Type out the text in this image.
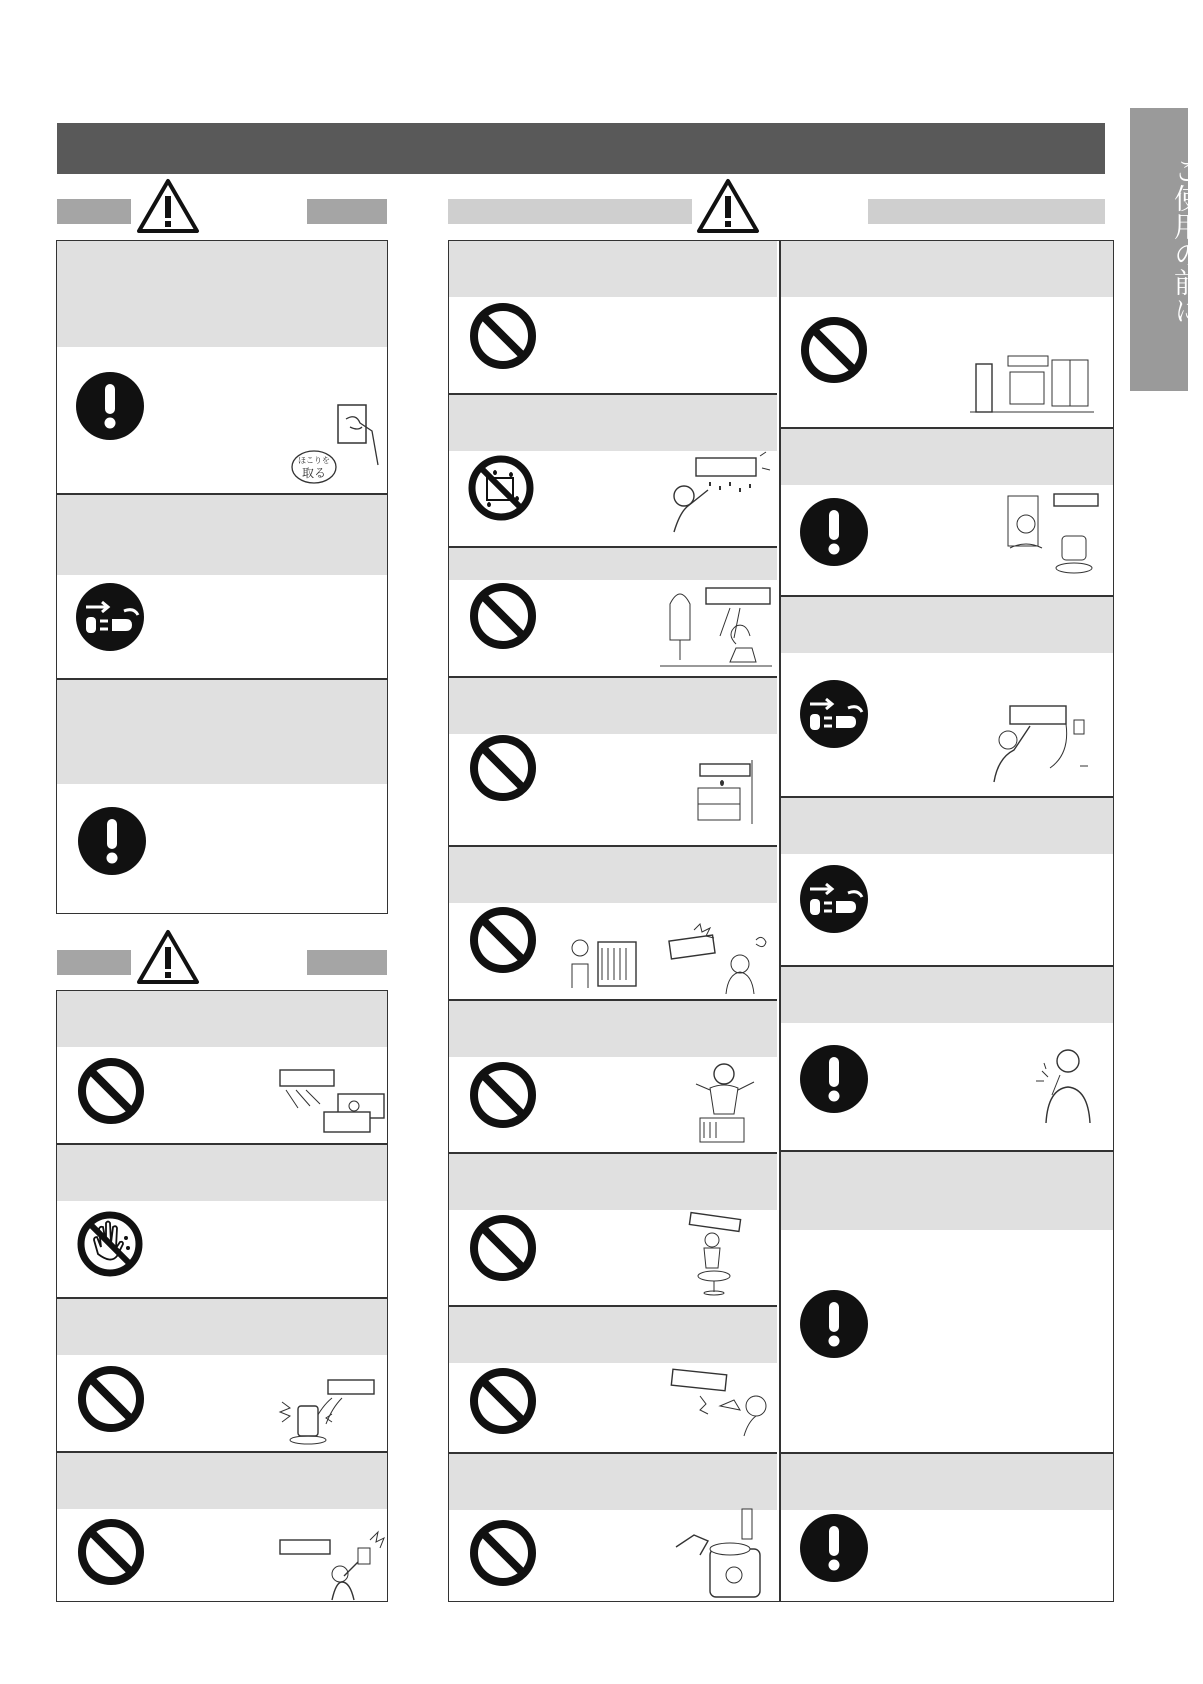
ご使用の前に
ほこりを
取る
